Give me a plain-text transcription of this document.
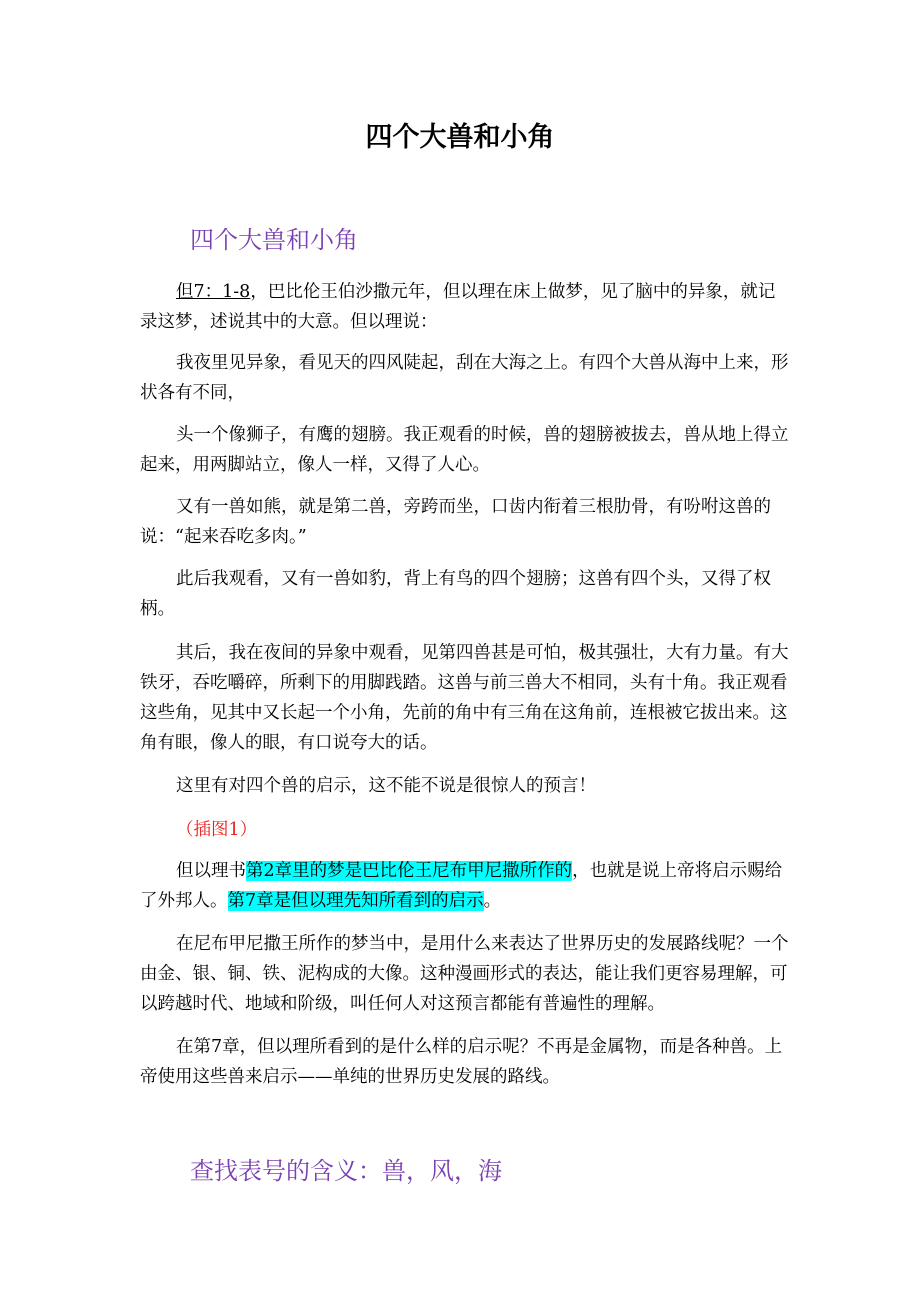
四个大兽和小角
四个大兽和小角

但7：1-8，巴比伦王伯沙撒元年，但以理在床上做梦，见了脑中的异象，就记录这梦，述说其中的大意。但以理说：

我夜里见异象，看见天的四风陡起，刮在大海之上。有四个大兽从海中上来，形状各有不同，

头一个像狮子，有鹰的翅膀。我正观看的时候，兽的翅膀被拔去，兽从地上得立起来，用两脚站立，像人一样，又得了人心。

又有一兽如熊，就是第二兽，旁跨而坐，口齿内衔着三根肋骨，有吩咐这兽的说：“起来吞吃多肉。”

此后我观看，又有一兽如豹，背上有鸟的四个翅膀；这兽有四个头，又得了权柄。

其后，我在夜间的异象中观看，见第四兽甚是可怕，极其强壮，大有力量。有大铁牙，吞吃嚼碎，所剩下的用脚践踏。这兽与前三兽大不相同，头有十角。我正观看这些角，见其中又长起一个小角，先前的角中有三角在这角前，连根被它拔出来。这角有眼，像人的眼，有口说夸大的话。

这里有对四个兽的启示，这不能不说是很惊人的预言！

（插图1）

但以理书第2章里的梦是巴比伦王尼布甲尼撒所作的，也就是说上帝将启示赐给了外邦人。第7章是但以理先知所看到的启示。

在尼布甲尼撒王所作的梦当中，是用什么来表达了世界历史的发展路线呢？一个由金、银、铜、铁、泥构成的大像。这种漫画形式的表达，能让我们更容易理解，可以跨越时代、地域和阶级，叫任何人对这预言都能有普遍性的理解。

在第7章，但以理所看到的是什么样的启示呢？不再是金属物，而是各种兽。上帝使用这些兽来启示——单纯的世界历史发展的路线。

查找表号的含义：兽，风，海
